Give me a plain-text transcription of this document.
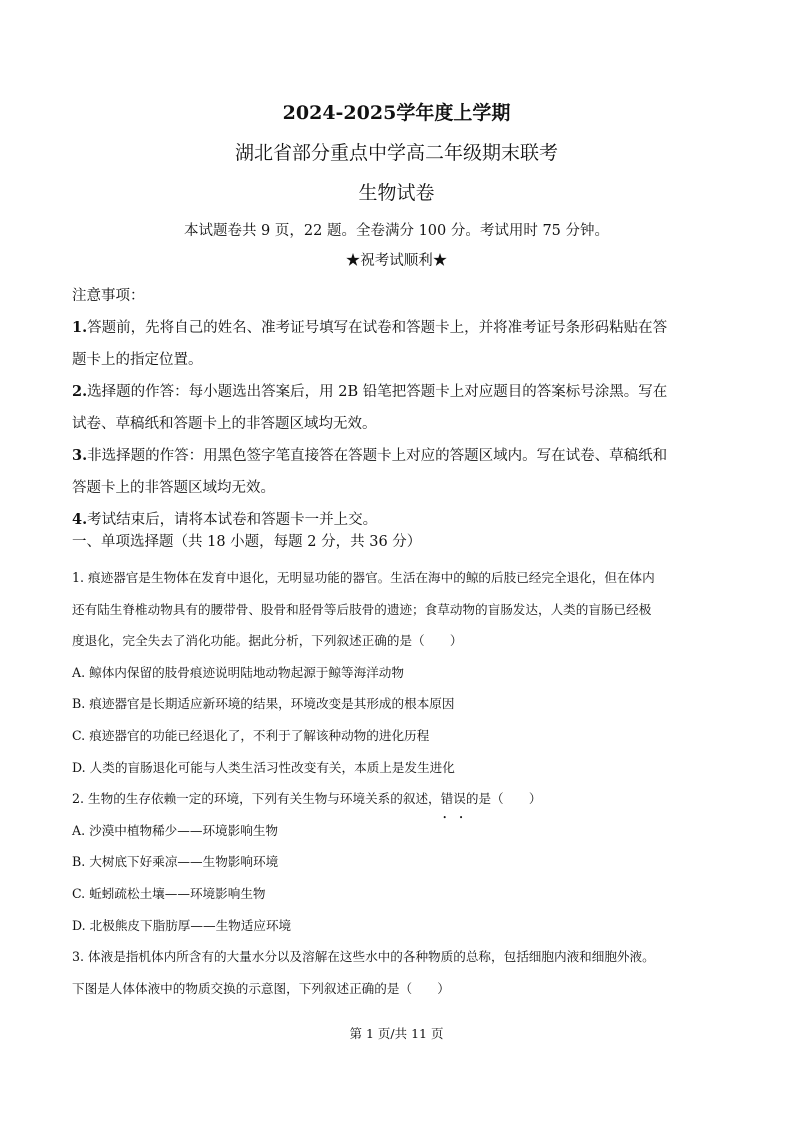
2024-2025学年度上学期
湖北省部分重点中学高二年级期末联考
生物试卷
本试题卷共 9 页，22 题。全卷满分 100 分。考试用时 75 分钟。
★祝考试顺利★

注意事项：

1.答题前，先将自己的姓名、准考证号填写在试卷和答题卡上，并将准考证号条形码粘贴在答

题卡上的指定位置。

2.选择题的作答：每小题选出答案后，用 2B 铅笔把答题卡上对应题目的答案标号涂黑。写在

试卷、草稿纸和答题卡上的非答题区域均无效。

3.非选择题的作答：用黑色签字笔直接答在答题卡上对应的答题区域内。写在试卷、草稿纸和

答题卡上的非答题区域均无效。

4.考试结束后，请将本试卷和答题卡一并上交。

一、单项选择题（共 18 小题，每题 2 分，共 36 分）

1. 痕迹器官是生物体在发育中退化，无明显功能的器官。生活在海中的鲸的后肢已经完全退化，但在体内

还有陆生脊椎动物具有的腰带骨、股骨和胫骨等后肢骨的遗迹；食草动物的盲肠发达，人类的盲肠已经极

度退化，完全失去了消化功能。据此分析，下列叙述正确的是（　　）

A. 鲸体内保留的肢骨痕迹说明陆地动物起源于鲸等海洋动物

B. 痕迹器官是长期适应新环境的结果，环境改变是其形成的根本原因

C. 痕迹器官的功能已经退化了，不利于了解该种动物的进化历程

D. 人类的盲肠退化可能与人类生活习性改变有关，本质上是发生进化

2. 生物的生存依赖一定的环境，下列有关生物与环境关系的叙述，错误 • •的是（　　）

A. 沙漠中植物稀少——环境影响生物

B. 大树底下好乘凉——生物影响环境

C. 蚯蚓疏松土壤——环境影响生物

D. 北极熊皮下脂肪厚——生物适应环境

3. 体液是指机体内所含有的大量水分以及溶解在这些水中的各种物质的总称，包括细胞内液和细胞外液。

下图是人体体液中的物质交换的示意图，下列叙述正确的是（　　）

第 1 页/共 11 页
